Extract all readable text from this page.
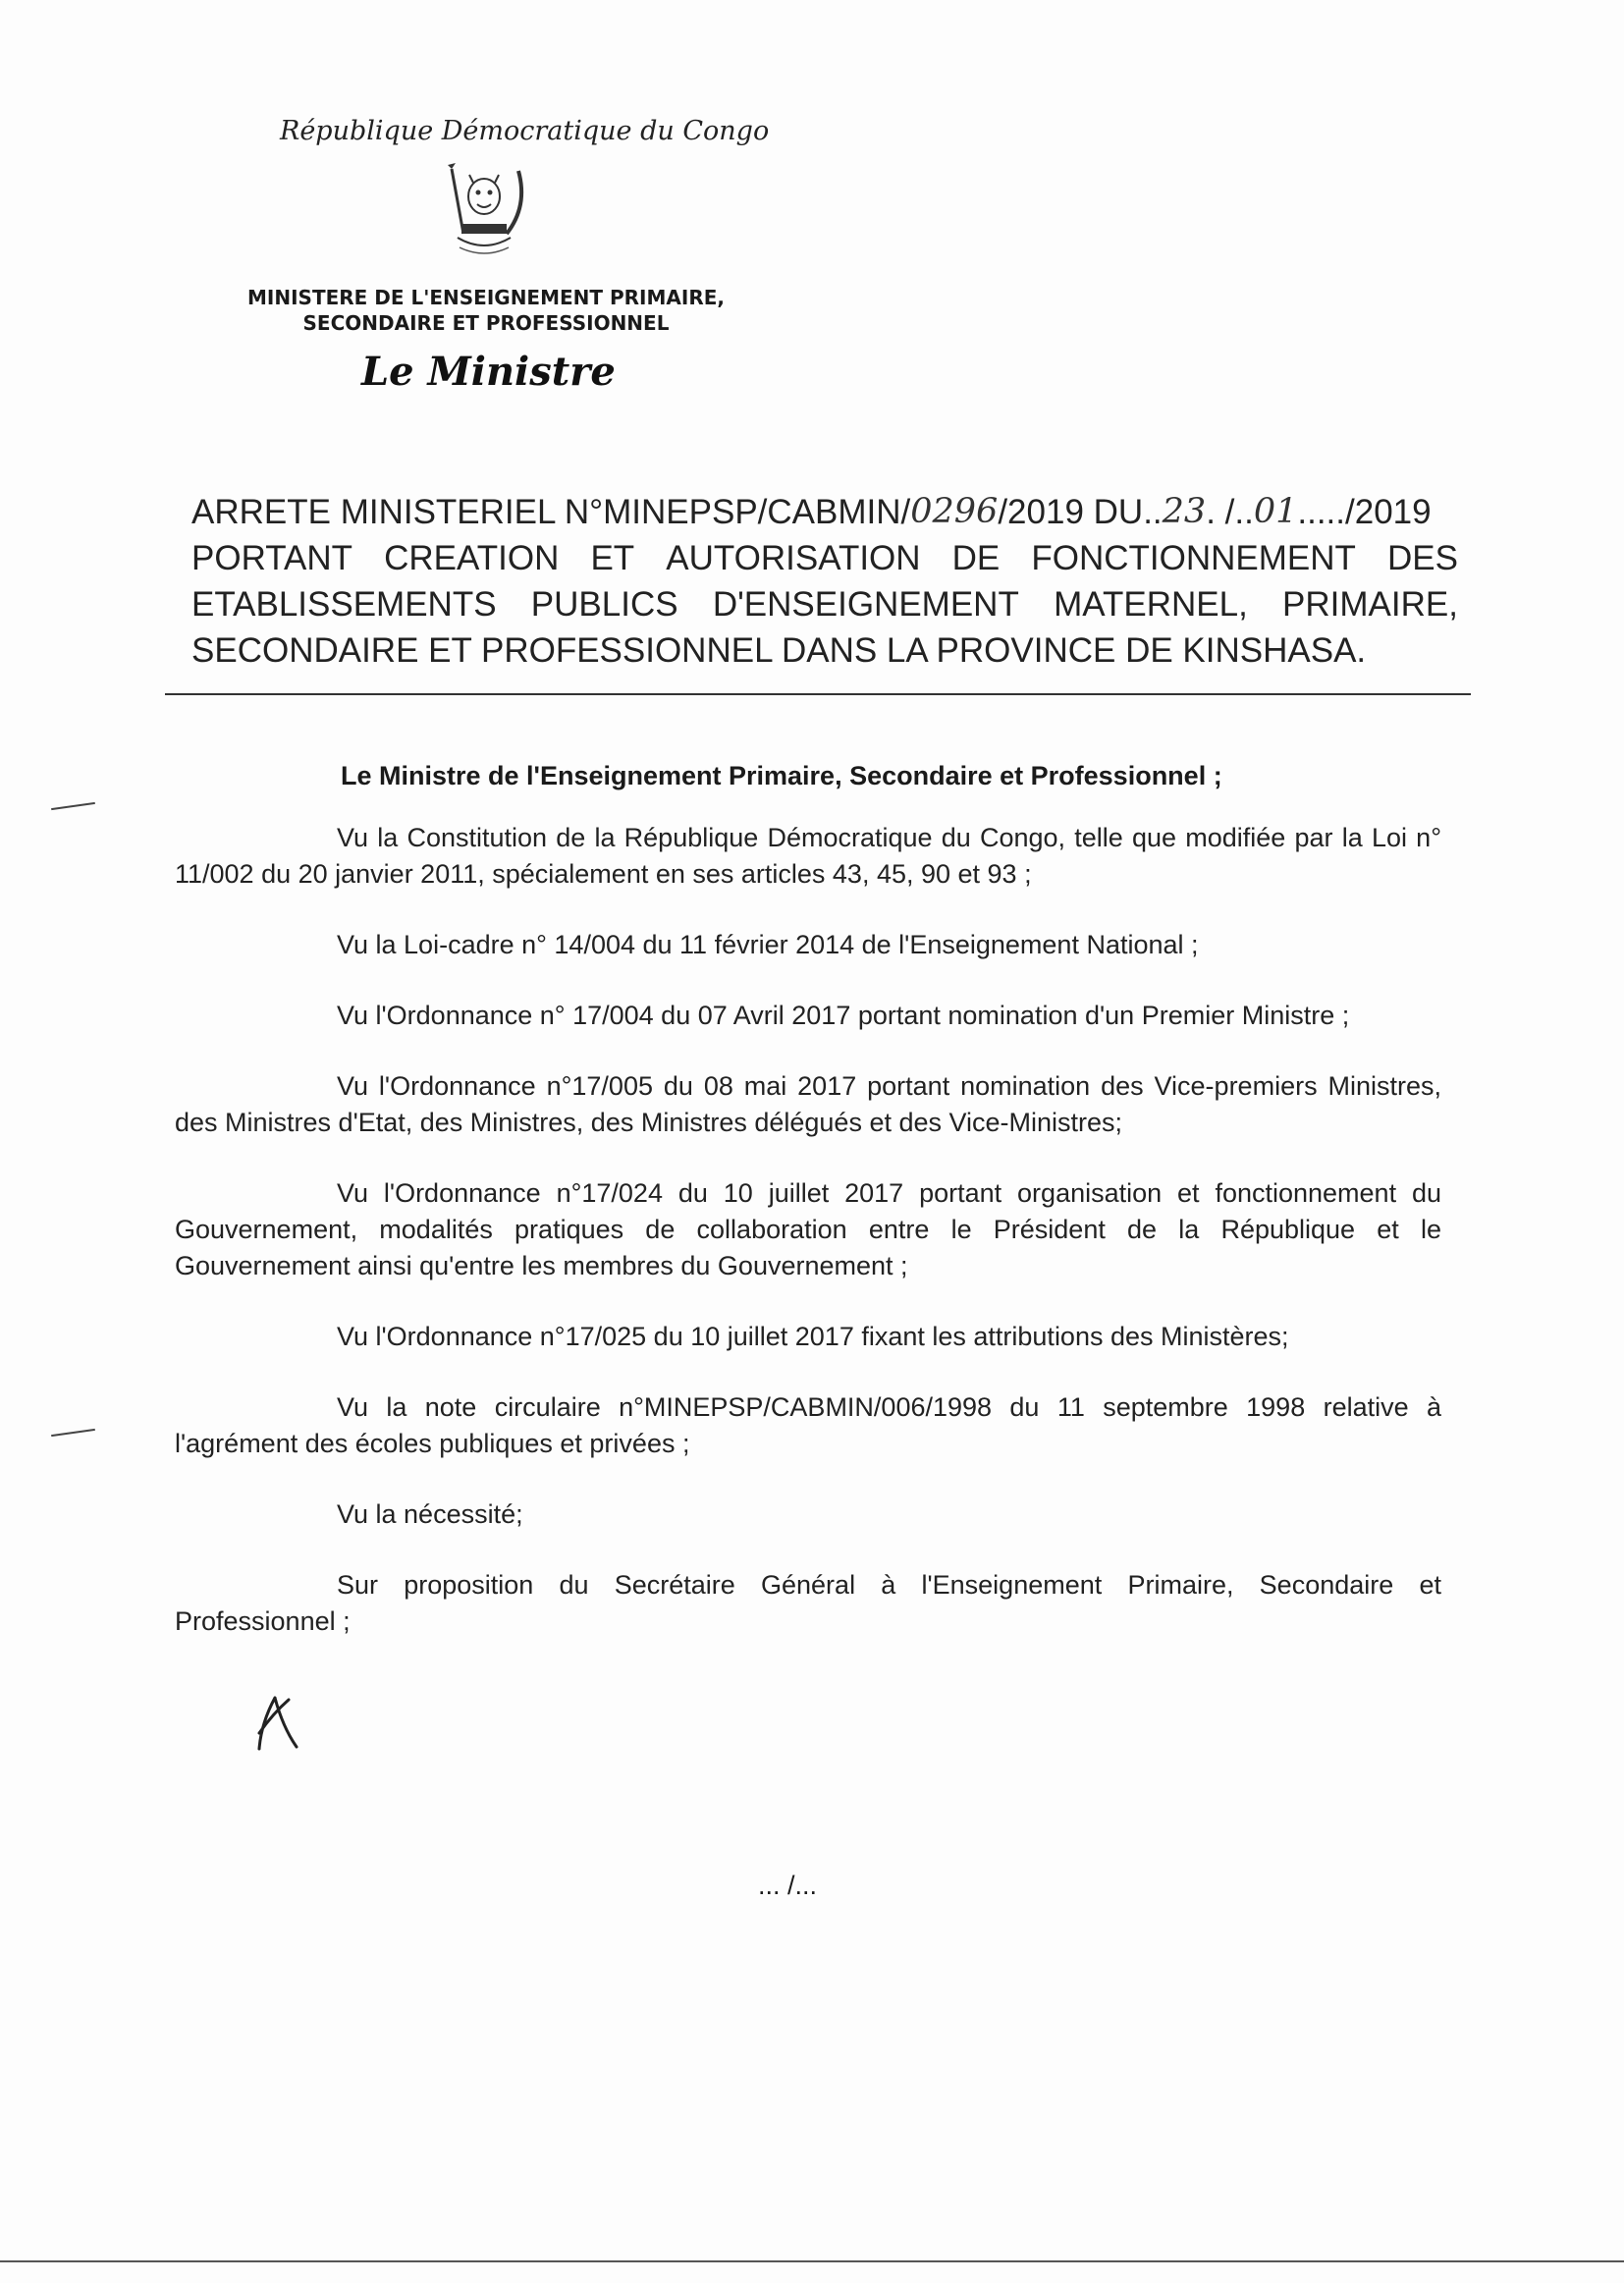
République Démocratique du Congo
MINISTERE DE L'ENSEIGNEMENT PRIMAIRE,
SECONDAIRE ET PROFESSIONNEL
Le Ministre
ARRETE MINISTERIEL N°MINEPSP/CABMIN/ 0296 /2019 DU .. 23 . /.. 01 ..... /2019
PORTANT CREATION ET AUTORISATION DE FONCTIONNEMENT DES
ETABLISSEMENTS PUBLICS D'ENSEIGNEMENT MATERNEL, PRIMAIRE,
SECONDAIRE ET PROFESSIONNEL DANS LA PROVINCE DE KINSHASA.
Le Ministre de l'Enseignement Primaire, Secondaire et Professionnel ;

Vu la Constitution de la République Démocratique du Congo, telle que modifiée par la Loi n° 11/002 du 20 janvier 2011, spécialement en ses articles 43, 45, 90 et 93 ;

Vu la Loi-cadre n° 14/004 du 11 février 2014 de l'Enseignement National ;

Vu l'Ordonnance n° 17/004 du 07 Avril 2017 portant nomination d'un Premier Ministre ;

Vu l'Ordonnance n°17/005 du 08 mai 2017 portant nomination des Vice-premiers Ministres, des Ministres d'Etat, des Ministres, des Ministres délégués et des Vice-Ministres;

Vu l'Ordonnance n°17/024 du 10 juillet 2017 portant organisation et fonctionnement du Gouvernement, modalités pratiques de collaboration entre le Président de la République et le Gouvernement ainsi qu'entre les membres du Gouvernement ;

Vu l'Ordonnance n°17/025 du 10 juillet 2017 fixant les attributions des Ministères;

Vu la note circulaire n°MINEPSP/CABMIN/006/1998 du 11 septembre 1998 relative à l'agrément des écoles publiques et privées ;

Vu la nécessité;

Sur proposition du Secrétaire Général à l'Enseignement Primaire, Secondaire et Professionnel ;

... /...
